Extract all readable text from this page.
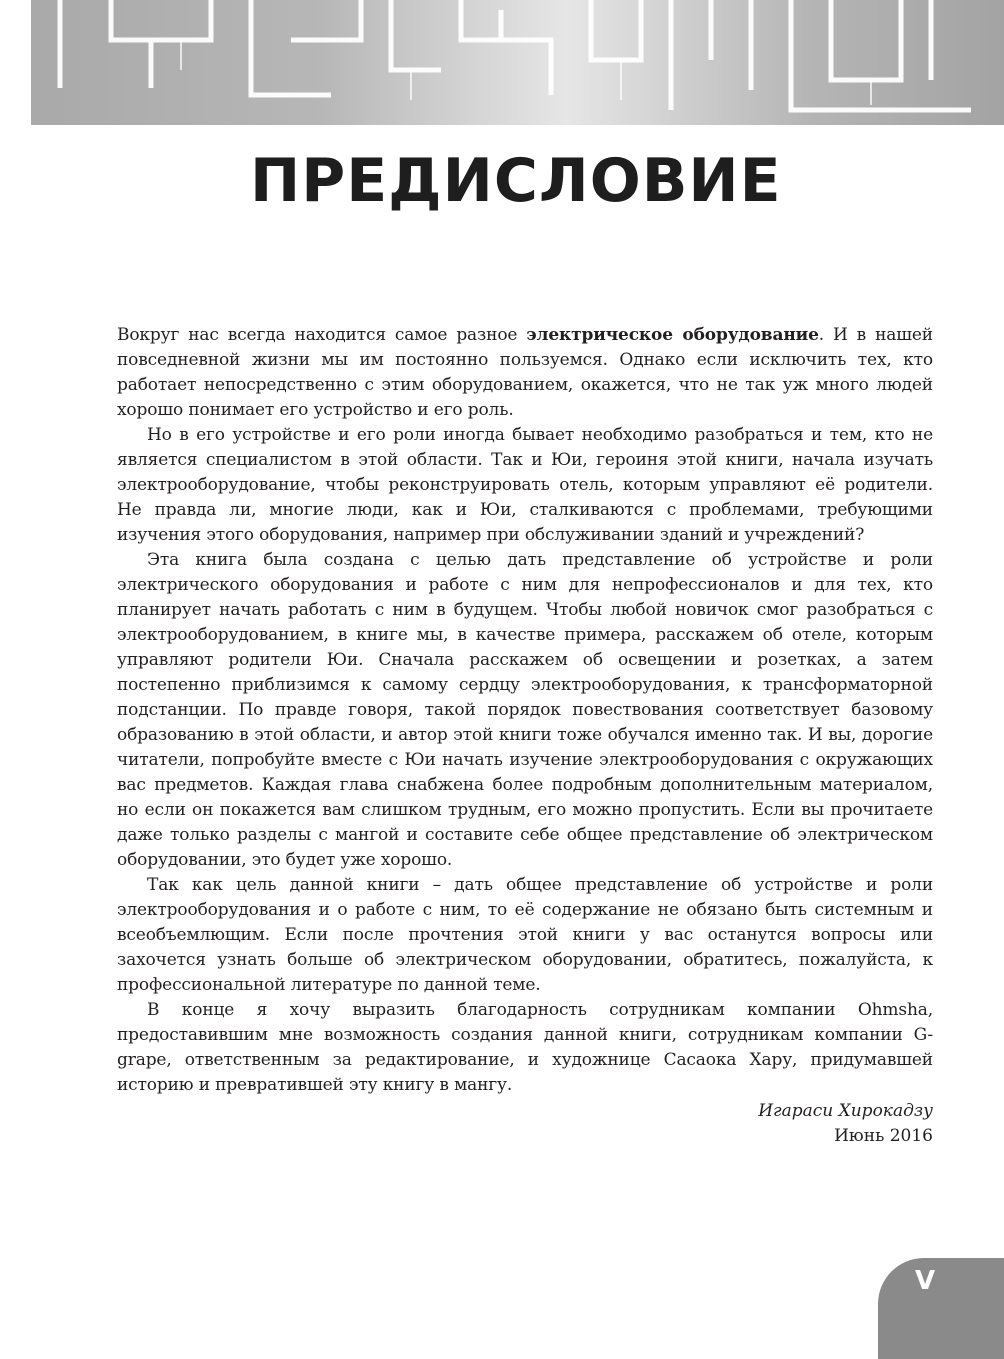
ПРЕДИСЛОВИЕ

Вокруг нас всегда находится самое разное электрическое оборудование. И в нашей повседневной жизни мы им постоянно пользуемся. Однако если исключить тех, кто работает непосредственно с этим оборудованием, окажется, что не так уж много людей хорошо понимает его устройство и его роль.

Но в его устройстве и его роли иногда бывает необходимо разобраться и тем, кто не является специалистом в этой области. Так и Юи, героиня этой книги, начала изучать электрооборудование, чтобы реконструировать отель, которым управляют её родители. Не правда ли, многие люди, как и Юи, сталкиваются с проблемами, требующими изучения этого оборудования, например при обслуживании зданий и учреждений?

Эта книга была создана с целью дать представление об устройстве и роли электрического оборудования и работе с ним для непрофессионалов и для тех, кто планирует начать работать с ним в будущем. Чтобы любой новичок смог разобраться с электрооборудованием, в книге мы, в качестве примера, расскажем об отеле, которым управляют родители Юи. Сначала расскажем об освещении и розетках, а затем постепенно приблизимся к самому сердцу электрооборудования, к трансформаторной подстанции. По правде говоря, такой порядок повествования соответствует базовому образованию в этой области, и автор этой книги тоже обучался именно так. И вы, дорогие читатели, попробуйте вместе с Юи начать изучение электрооборудования с окружающих вас предметов. Каждая глава снабжена более подробным дополнительным материалом, но если он покажется вам слишком трудным, его можно пропустить. Если вы прочитаете даже только разделы с мангой и составите себе общее представление об электрическом оборудовании, это будет уже хорошо.

Так как цель данной книги – дать общее представление об устройстве и роли электрооборудования и о работе с ним, то её содержание не обязано быть системным и всеобъемлющим. Если после прочтения этой книги у вас останутся вопросы или захочется узнать больше об электрическом оборудовании, обратитесь, пожалуйста, к профессиональной литературе по данной теме.

В конце я хочу выразить благодарность сотрудникам компании Ohmsha, предоставившим мне возможность создания данной книги, сотрудникам компании G-grape, ответственным за редактирование, и художнице Сасаока Хару, придумавшей историю и превратившей эту книгу в мангу.

Игараси Хирокадзу
Июнь 2016
V
